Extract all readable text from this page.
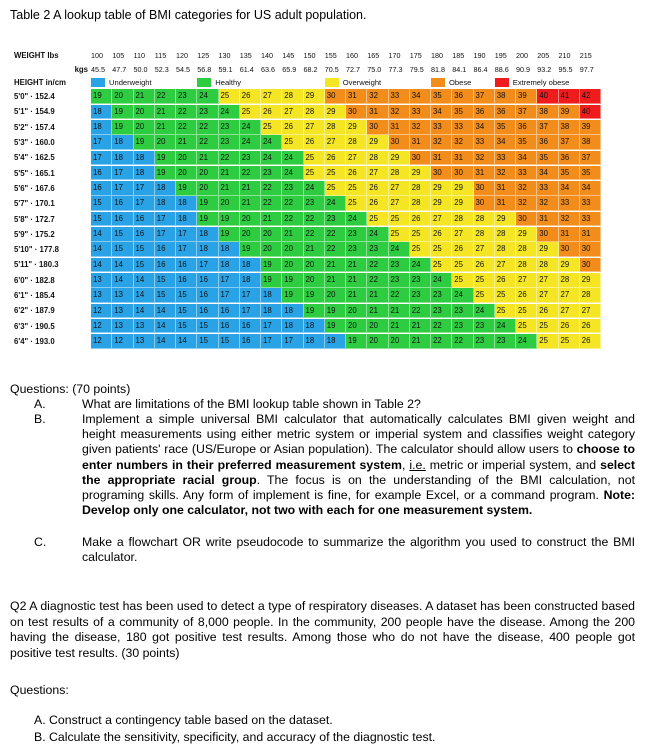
Table 2 A lookup table of BMI categories for US adult population.
WEIGHT lbs	100	105	110	115	120	125	130	135	140	145	150	155	160	165	170	175	180	185	190	195	200	205	210	215
kgs 45.5	47.7	50.0	52.3	54.5	56.8	59.1	61.4	63.6	65.9	68.2	70.5	72.7	75.0	77.3	79.5	81.8	84.1	86.4	88.6	90.9	93.2	95.5	97.7
HEIGHT in/cm	Underweight	Healthy	Overweight	Obese	Extremely obese
5'0" · 152.4	19	20	21	22	23	24	25	26	27	28	29	30	31	32	33	34	35	36	37	38	39	40	41	42
5'1" · 154.9	18	19	20	21	22	23	24	25	26	27	28	29	30	31	32	33	34	35	36	36	37	38	39	40
5'2" · 157.4	18	19	20	21	22	22	23	24	25	26	27	28	29	30	31	32	33	33	34	35	36	37	38	39
5'3" · 160.0	17	18	19	20	21	22	23	24	24	25	26	27	28	29	30	31	32	32	33	34	35	36	37	38
5'4" · 162.5	17	18	18	19	20	21	22	23	24	24	25	26	27	28	29	30	31	31	32	33	34	35	36	37
5'5" · 165.1	16	17	18	19	20	20	21	22	23	24	25	25	26	27	28	29	30	30	31	32	33	34	35	35
5'6" · 167.6	16	17	17	18	19	20	21	21	22	23	24	25	25	26	27	28	29	29	30	31	32	33	34	34
5'7" · 170.1	15	16	17	18	18	19	20	21	22	22	23	24	25	26	27	28	29	29	30	31	32	32	33	33
5'8" · 172.7	15	16	16	17	18	19	19	20	21	22	22	23	24	25	25	26	27	28	28	29	30	31	32	33
5'9" · 175.2	14	15	16	17	17	18	19	20	20	21	22	22	23	24	25	25	26	27	28	28	29	30	31	31
5'10" · 177.8	14	15	15	16	17	18	18	19	20	20	21	22	23	23	24	25	25	26	27	28	28	29	30	30
5'11" · 180.3	14	14	15	16	16	17	18	18	19	20	20	21	21	22	23	24	25	25	26	27	28	28	29	30
6'0" · 182.8	13	14	14	15	16	16	17	18	19	19	20	21	21	22	23	23	24	25	25	26	27	27	28	29
6'1" · 185.4	13	13	14	15	15	16	17	17	18	19	19	20	21	21	22	23	23	24	25	25	26	27	27	28
6'2" · 187.9	12	13	14	14	15	16	16	17	18	18	19	19	20	21	21	22	23	23	24	25	25	26	27	27
6'3" · 190.5	12	13	13	14	15	15	16	16	17	18	18	19	20	20	21	21	22	23	23	24	25	25	26	26
6'4" · 193.0	12	12	13	14	14	15	15	16	17	17	18	18	19	20	20	21	22	22	23	23	24	25	25	26
Questions: (70 points)
A.	What are limitations of the BMI lookup table shown in Table 2?
B.	Implement a simple universal BMI calculator that automatically calculates BMI given weight and height measurements using either metric system or imperial system and classifies weight category given patients' race (US/Europe or Asian population). The calculator should allow users to choose to enter numbers in their preferred measurement system, i.e. metric or imperial system, and select the appropriate racial group. The focus is on the understanding of the BMI calculation, not programing skills. Any form of implement is fine, for example Excel, or a command program. Note: Develop only one calculator, not two with each for one measurement system.
C.	Make a flowchart OR write pseudocode to summarize the algorithm you used to construct the BMI calculator.
Q2 A diagnostic test has been used to detect a type of respiratory diseases. A dataset has been constructed based on test results of a community of 8,000 people. In the community, 200 people have the disease. Among the 200 having the disease, 180 got positive test results. Among those who do not have the disease, 400 people got positive test results. (30 points)
Questions:
A. Construct a contingency table based on the dataset.
B. Calculate the sensitivity, specificity, and accuracy of the diagnostic test.
